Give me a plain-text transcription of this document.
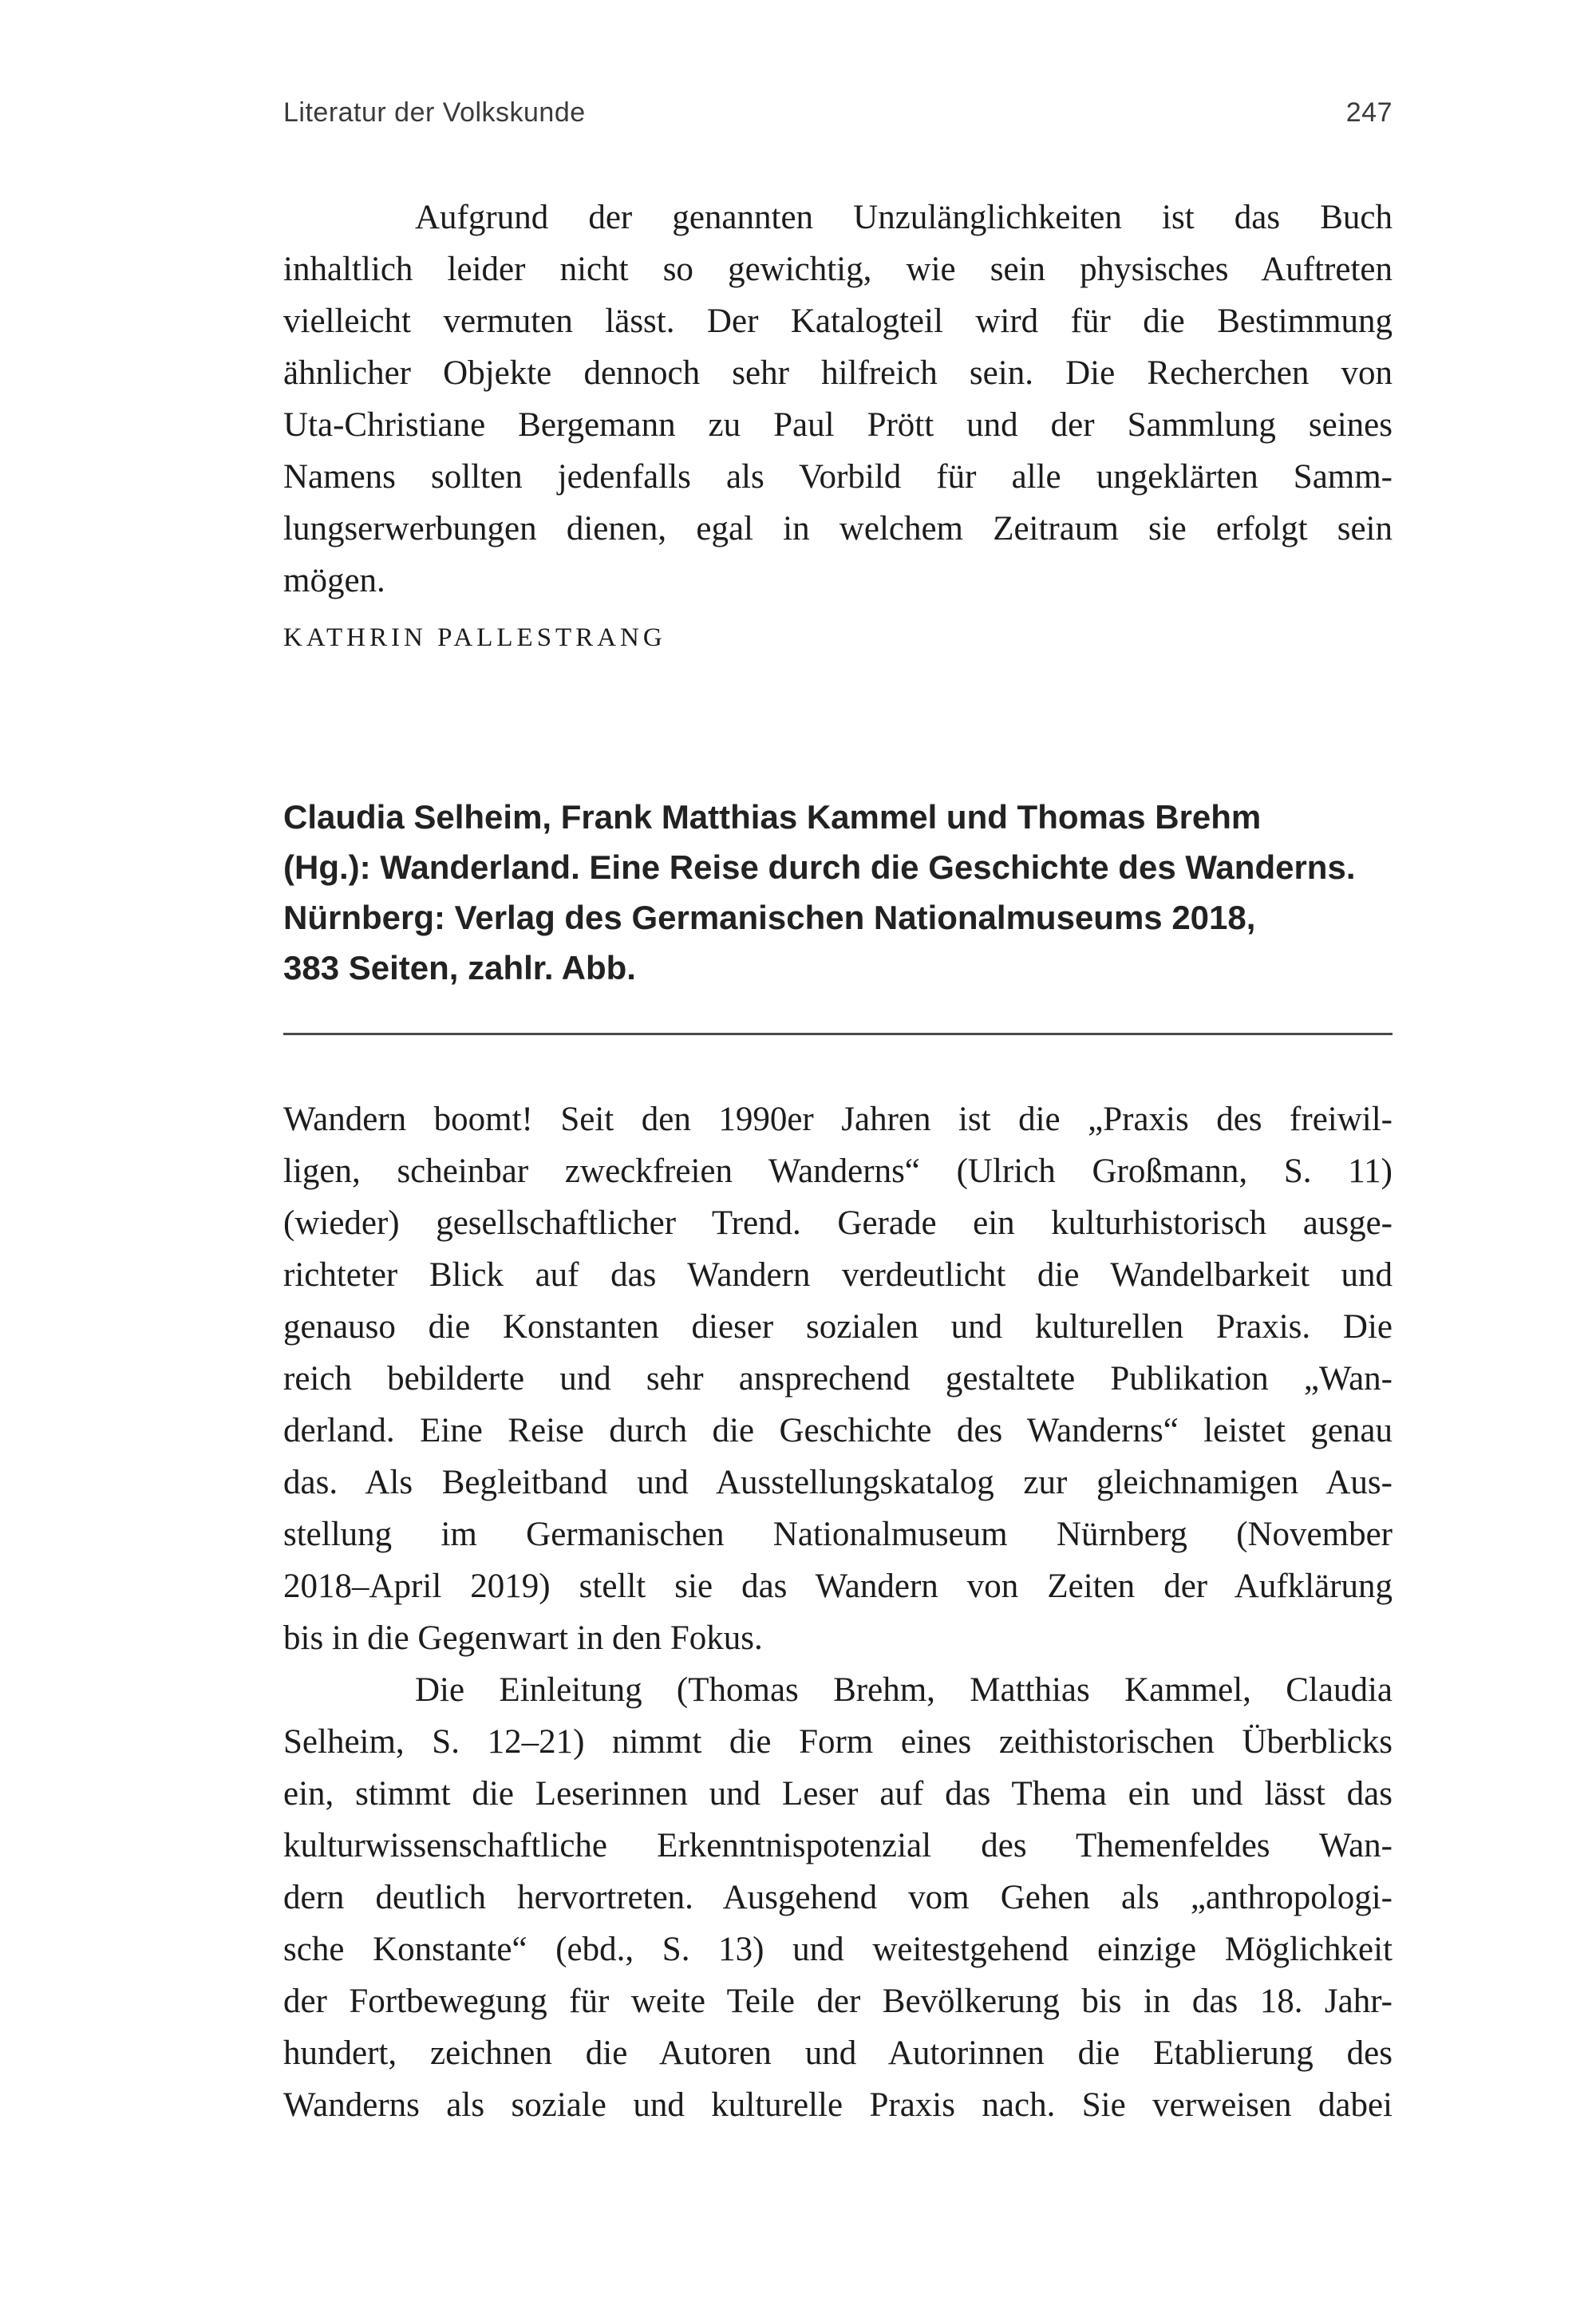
Literatur der Volkskunde	247
Aufgrund der genannten Unzulänglichkeiten ist das Buch
inhaltlich leider nicht so gewichtig, wie sein physisches Auftreten
vielleicht vermuten lässt. Der Katalogteil wird für die Bestimmung
ähnlicher Objekte dennoch sehr hilfreich sein. Die Recherchen von
Uta-Christiane Bergemann zu Paul Prött und der Sammlung seines
Namens sollten jedenfalls als Vorbild für alle ungeklärten Samm-
lungserwerbungen dienen, egal in welchem Zeitraum sie erfolgt sein
mögen.
KATHRIN PALLESTRANG
Claudia Selheim, Frank Matthias Kammel und Thomas Brehm
(Hg.): Wanderland. Eine Reise durch die Geschichte des Wanderns.
Nürnberg: Verlag des Germanischen Nationalmuseums 2018,
383 Seiten, zahlr. Abb.
Wandern boomt! Seit den 1990er Jahren ist die „Praxis des freiwil-
ligen, scheinbar zweckfreien Wanderns“ (Ulrich Großmann, S. 11)
(wieder) gesellschaftlicher Trend. Gerade ein kulturhistorisch ausge-
richteter Blick auf das Wandern verdeutlicht die Wandelbarkeit und
genauso die Konstanten dieser sozialen und kulturellen Praxis. Die
reich bebilderte und sehr ansprechend gestaltete Publikation „Wan-
derland. Eine Reise durch die Geschichte des Wanderns“ leistet genau
das. Als Begleitband und Ausstellungskatalog zur gleichnamigen Aus-
stellung im Germanischen Nationalmuseum Nürnberg (November
2018–April 2019) stellt sie das Wandern von Zeiten der Aufklärung
bis in die Gegenwart in den Fokus.
Die Einleitung (Thomas Brehm, Matthias Kammel, Claudia
Selheim, S. 12–21) nimmt die Form eines zeithistorischen Überblicks
ein, stimmt die Leserinnen und Leser auf das Thema ein und lässt das
kulturwissenschaftliche Erkenntnispotenzial des Themenfeldes Wan-
dern deutlich hervortreten. Ausgehend vom Gehen als „anthropologi-
sche Konstante“ (ebd., S. 13) und weitestgehend einzige Möglichkeit
der Fortbewegung für weite Teile der Bevölkerung bis in das 18. Jahr-
hundert, zeichnen die Autoren und Autorinnen die Etablierung des
Wanderns als soziale und kulturelle Praxis nach. Sie verweisen dabei
